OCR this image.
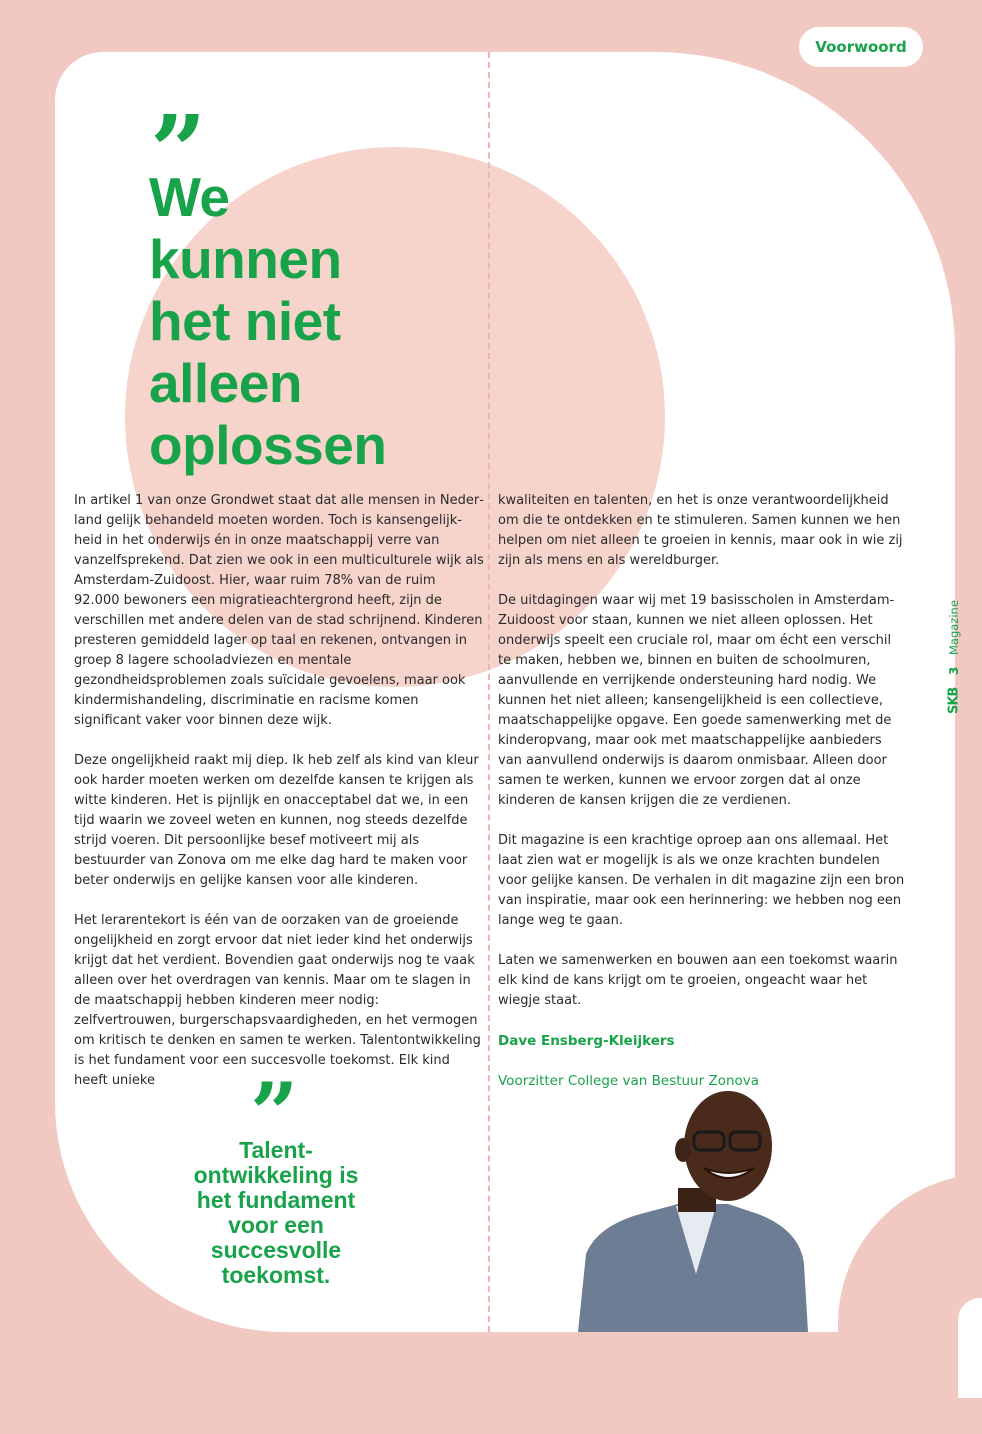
Voorwoord
We
kunnen
het niet
alleen
oplossen

In artikel 1 van onze Grondwet staat dat alle mensen in Nederland gelijk behandeld moeten worden. Toch is kansengelijkheid in het onderwijs én in onze maatschappij verre van vanzelfsprekend. Dat zien we ook in een multiculturele wijk als Amsterdam-Zuidoost. Hier, waar ruim 78% van de ruim 92.000 bewoners een migratieachtergrond heeft, zijn de verschillen met andere delen van de stad schrijnend. Kinderen presteren gemiddeld lager op taal en rekenen, ontvangen in groep 8 lagere schooladviezen en mentale gezondheidsproblemen zoals suïcidale gevoelens, maar ook kindermishandeling, discriminatie en racisme komen significant vaker voor binnen deze wijk.

Deze ongelijkheid raakt mij diep. Ik heb zelf als kind van kleur ook harder moeten werken om dezelfde kansen te krijgen als witte kinderen. Het is pijnlijk en onacceptabel dat we, in een tijd waarin we zoveel weten en kunnen, nog steeds dezelfde strijd voeren. Dit persoonlijke besef motiveert mij als bestuurder van Zonova om me elke dag hard te maken voor beter onderwijs en gelijke kansen voor alle kinderen.

Het lerarentekort is één van de oorzaken van de groeiende ongelijkheid en zorgt ervoor dat niet ieder kind het onderwijs krijgt dat het verdient. Bovendien gaat onderwijs nog te vaak alleen over het overdragen van kennis. Maar om te slagen in de maatschappij hebben kinderen meer nodig: zelfvertrouwen, burgerschapsvaardigheden, en het vermogen om kritisch te denken en samen te werken. Talentontwikkeling is het fundament voor een succesvolle toekomst. Elk kind heeft unieke

kwaliteiten en talenten, en het is onze verantwoordelijkheid om die te ontdekken en te stimuleren. Samen kunnen we hen helpen om niet alleen te groeien in kennis, maar ook in wie zij zijn als mens en als wereldburger.

De uitdagingen waar wij met 19 basisscholen in Amsterdam-Zuidoost voor staan, kunnen we niet alleen oplossen. Het onderwijs speelt een cruciale rol, maar om écht een verschil te maken, hebben we, binnen en buiten de schoolmuren, aanvullende en verrijkende ondersteuning hard nodig. We kunnen het niet alleen; kansengelijkheid is een collectieve, maatschappelijke opgave. Een goede samenwerking met de kinderopvang, maar ook met maatschappelijke aanbieders van aanvullend onderwijs is daarom onmisbaar. Alleen door samen te werken, kunnen we ervoor zorgen dat al onze kinderen de kansen krijgen die ze verdienen.

Dit magazine is een krachtige oproep aan ons allemaal. Het laat zien wat er mogelijk is als we onze krachten bundelen voor gelijke kansen. De verhalen in dit magazine zijn een bron van inspiratie, maar ook een herinnering: we hebben nog een lange weg te gaan.

Laten we samenwerken en bouwen aan een toekomst waarin elk kind de kans krijgt om te groeien, ongeacht waar het wiegje staat.

Dave Ensberg-Kleijkers

Voorzitter College van Bestuur Zonova

Talent-
ontwikkeling is
het fundament
voor een
succesvolle
toekomst.

SKB
3
Magazine
